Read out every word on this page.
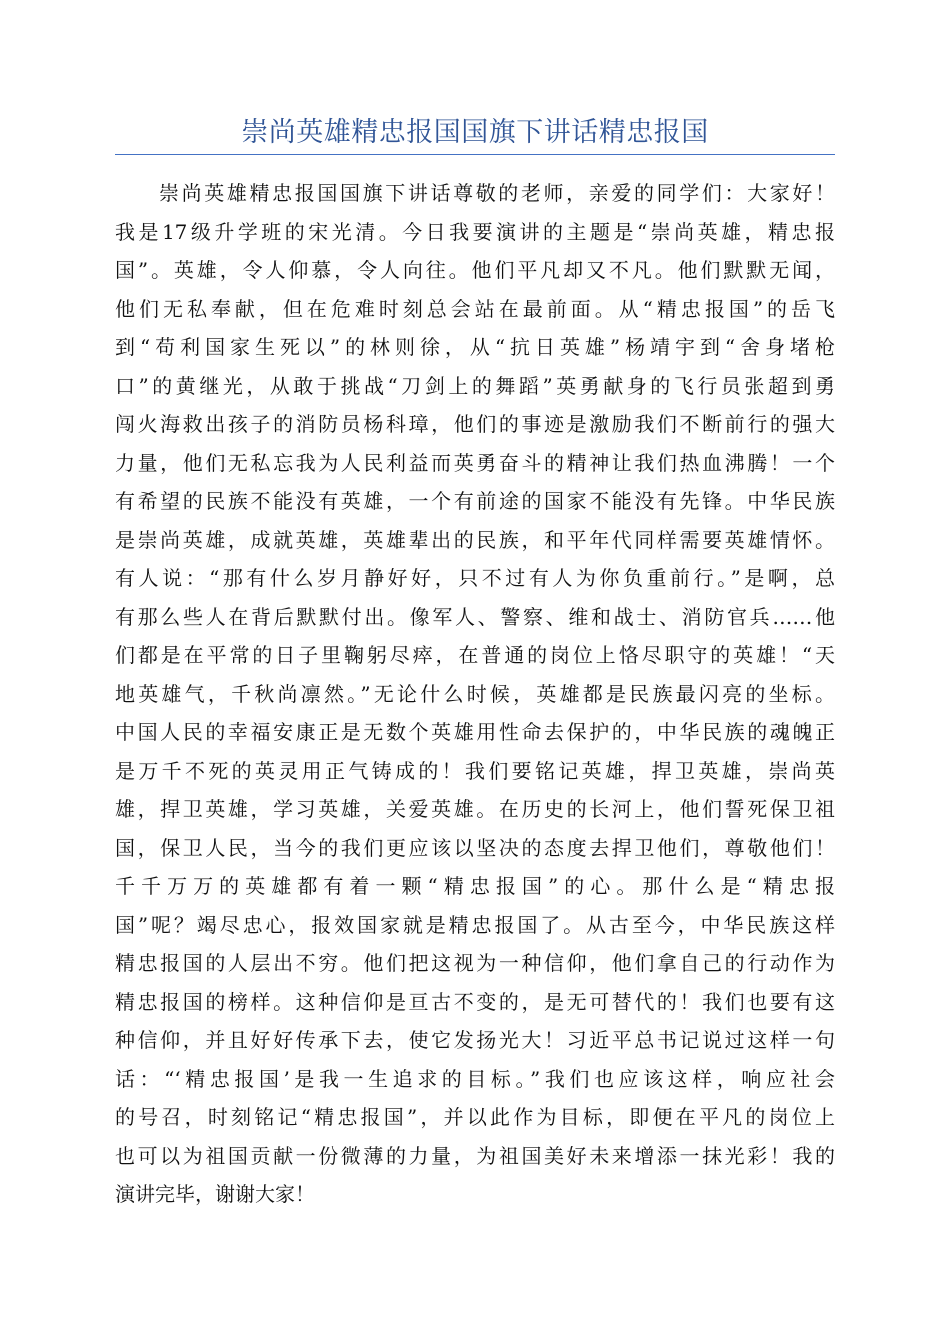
崇尚英雄精忠报国国旗下讲话精忠报国
崇尚英雄精忠报国国旗下讲话尊敬的老师，亲爱的同学们：大家好！
我是17级升学班的宋光清。今日我要演讲的主题是“崇尚英雄，精忠报
国”。英雄，令人仰慕，令人向往。他们平凡却又不凡。他们默默无闻，
他们无私奉献，但在危难时刻总会站在最前面。从“精忠报国”的岳飞
到“苟利国家生死以”的林则徐，从“抗日英雄”杨靖宇到“舍身堵枪
口”的黄继光，从敢于挑战“刀剑上的舞蹈”英勇献身的飞行员张超到勇
闯火海救出孩子的消防员杨科璋，他们的事迹是激励我们不断前行的强大
力量，他们无私忘我为人民利益而英勇奋斗的精神让我们热血沸腾！一个
有希望的民族不能没有英雄，一个有前途的国家不能没有先锋。中华民族
是崇尚英雄，成就英雄，英雄辈出的民族，和平年代同样需要英雄情怀。
有人说：“那有什么岁月静好好，只不过有人为你负重前行。”是啊，总
有那么些人在背后默默付出。像军人、警察、维和战士、消防官兵……他
们都是在平常的日子里鞠躬尽瘁，在普通的岗位上恪尽职守的英雄！“天
地英雄气，千秋尚凛然。”无论什么时候，英雄都是民族最闪亮的坐标。
中国人民的幸福安康正是无数个英雄用性命去保护的，中华民族的魂魄正
是万千不死的英灵用正气铸成的！我们要铭记英雄，捍卫英雄，崇尚英
雄，捍卫英雄，学习英雄，关爱英雄。在历史的长河上，他们誓死保卫祖
国，保卫人民，当今的我们更应该以坚决的态度去捍卫他们，尊敬他们！
千千万万的英雄都有着一颗“精忠报国”的心。那什么是“精忠报
国”呢？竭尽忠心，报效国家就是精忠报国了。从古至今，中华民族这样
精忠报国的人层出不穷。他们把这视为一种信仰，他们拿自己的行动作为
精忠报国的榜样。这种信仰是亘古不变的，是无可替代的！我们也要有这
种信仰，并且好好传承下去，使它发扬光大！习近平总书记说过这样一句
话：“‘精忠报国’是我一生追求的目标。”我们也应该这样，响应社会
的号召，时刻铭记“精忠报国”，并以此作为目标，即便在平凡的岗位上
也可以为祖国贡献一份微薄的力量，为祖国美好未来增添一抹光彩！我的
演讲完毕，谢谢大家！
